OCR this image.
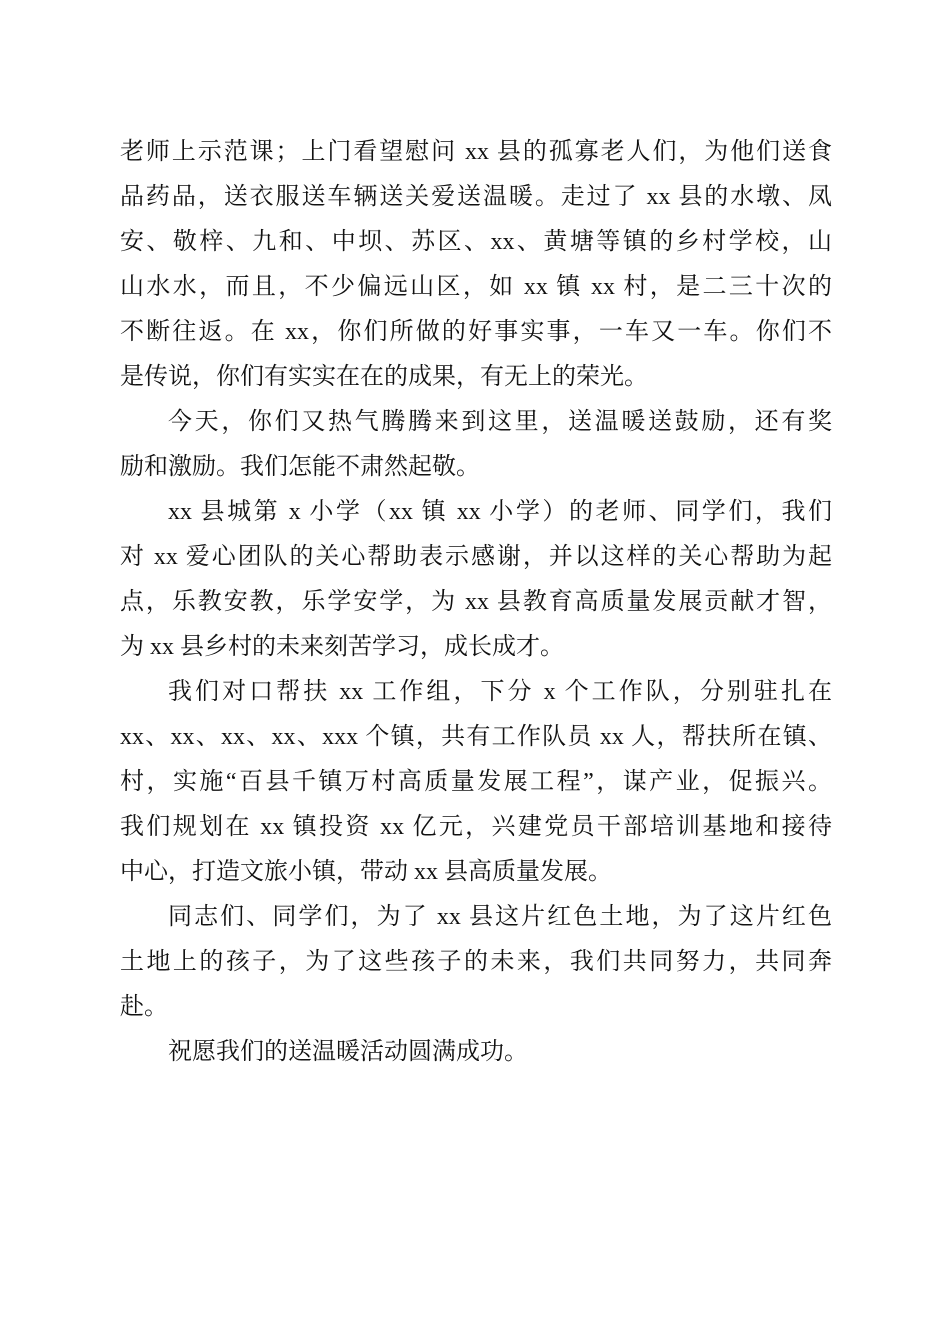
老师上示范课；上门看望慰问 xx 县的孤寡老人们，为他们送食
品药品，送衣服送车辆送关爱送温暖。走过了 xx 县的水墩、凤
安、敬梓、九和、中坝、苏区、xx、黄塘等镇的乡村学校，山
山水水，而且，不少偏远山区，如 xx 镇 xx 村，是二三十次的
不断往返。在 xx，你们所做的好事实事，一车又一车。你们不
是传说，你们有实实在在的成果，有无上的荣光。
今天，你们又热气腾腾来到这里，送温暖送鼓励，还有奖
励和激励。我们怎能不肃然起敬。
xx 县城第 x 小学（xx 镇 xx 小学）的老师、同学们，我们
对 xx 爱心团队的关心帮助表示感谢，并以这样的关心帮助为起
点，乐教安教，乐学安学，为 xx 县教育高质量发展贡献才智，
为 xx 县乡村的未来刻苦学习，成长成才。
我们对口帮扶 xx 工作组，下分 x 个工作队，分别驻扎在
xx、xx、xx、xx、xxx 个镇，共有工作队员 xx 人，帮扶所在镇、
村，实施“百县千镇万村高质量发展工程”，谋产业，促振兴。
我们规划在 xx 镇投资 xx 亿元，兴建党员干部培训基地和接待
中心，打造文旅小镇，带动 xx 县高质量发展。
同志们、同学们，为了 xx 县这片红色土地，为了这片红色
土地上的孩子，为了这些孩子的未来，我们共同努力，共同奔
赴。
祝愿我们的送温暖活动圆满成功。
